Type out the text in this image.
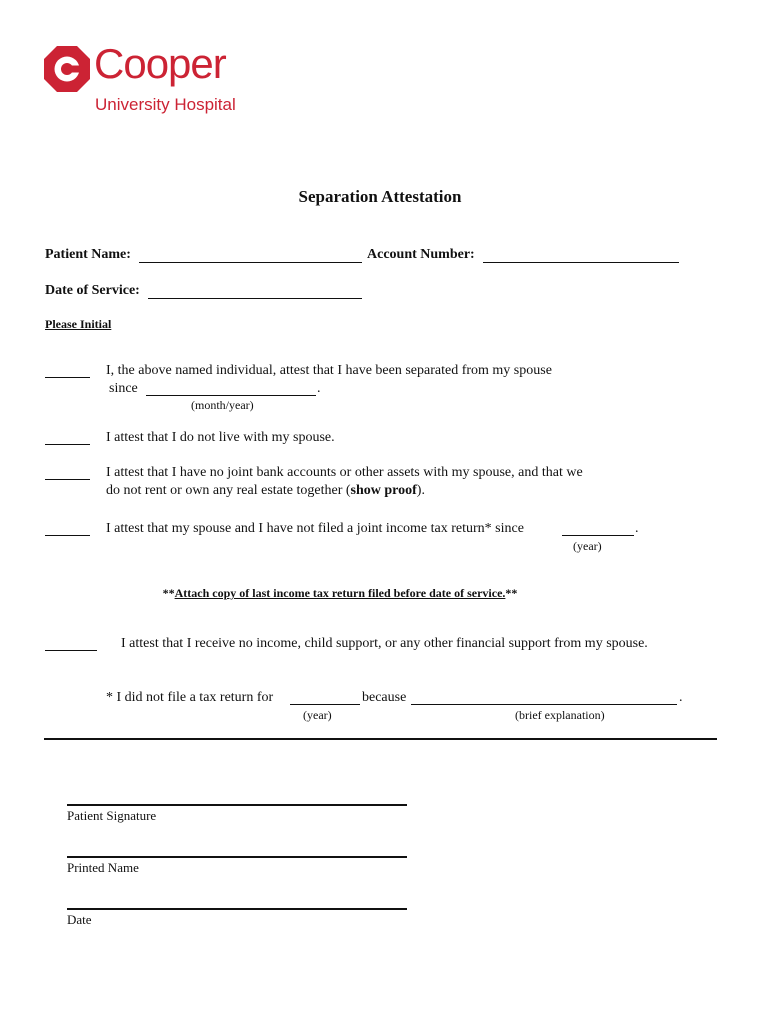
Cooper
University Hospital
Separation Attestation
Patient Name:	Account Number:
Date of Service:
Please Initial
I, the above named individual, attest that I have been separated from my spouse
since	.
(month/year)
I attest that I do not live with my spouse.
I attest that I have no joint bank accounts or other assets with my spouse, and that we
do not rent or own any real estate together (show proof).
I attest that my spouse and I have not filed a joint income tax return* since	.
(year)
**Attach copy of last income tax return filed before date of service.**
I attest that I receive no income, child support, or any other financial support from my spouse.
* I did not file a tax return for	because	.
(year)	(brief explanation)
Patient Signature
Printed Name
Date
